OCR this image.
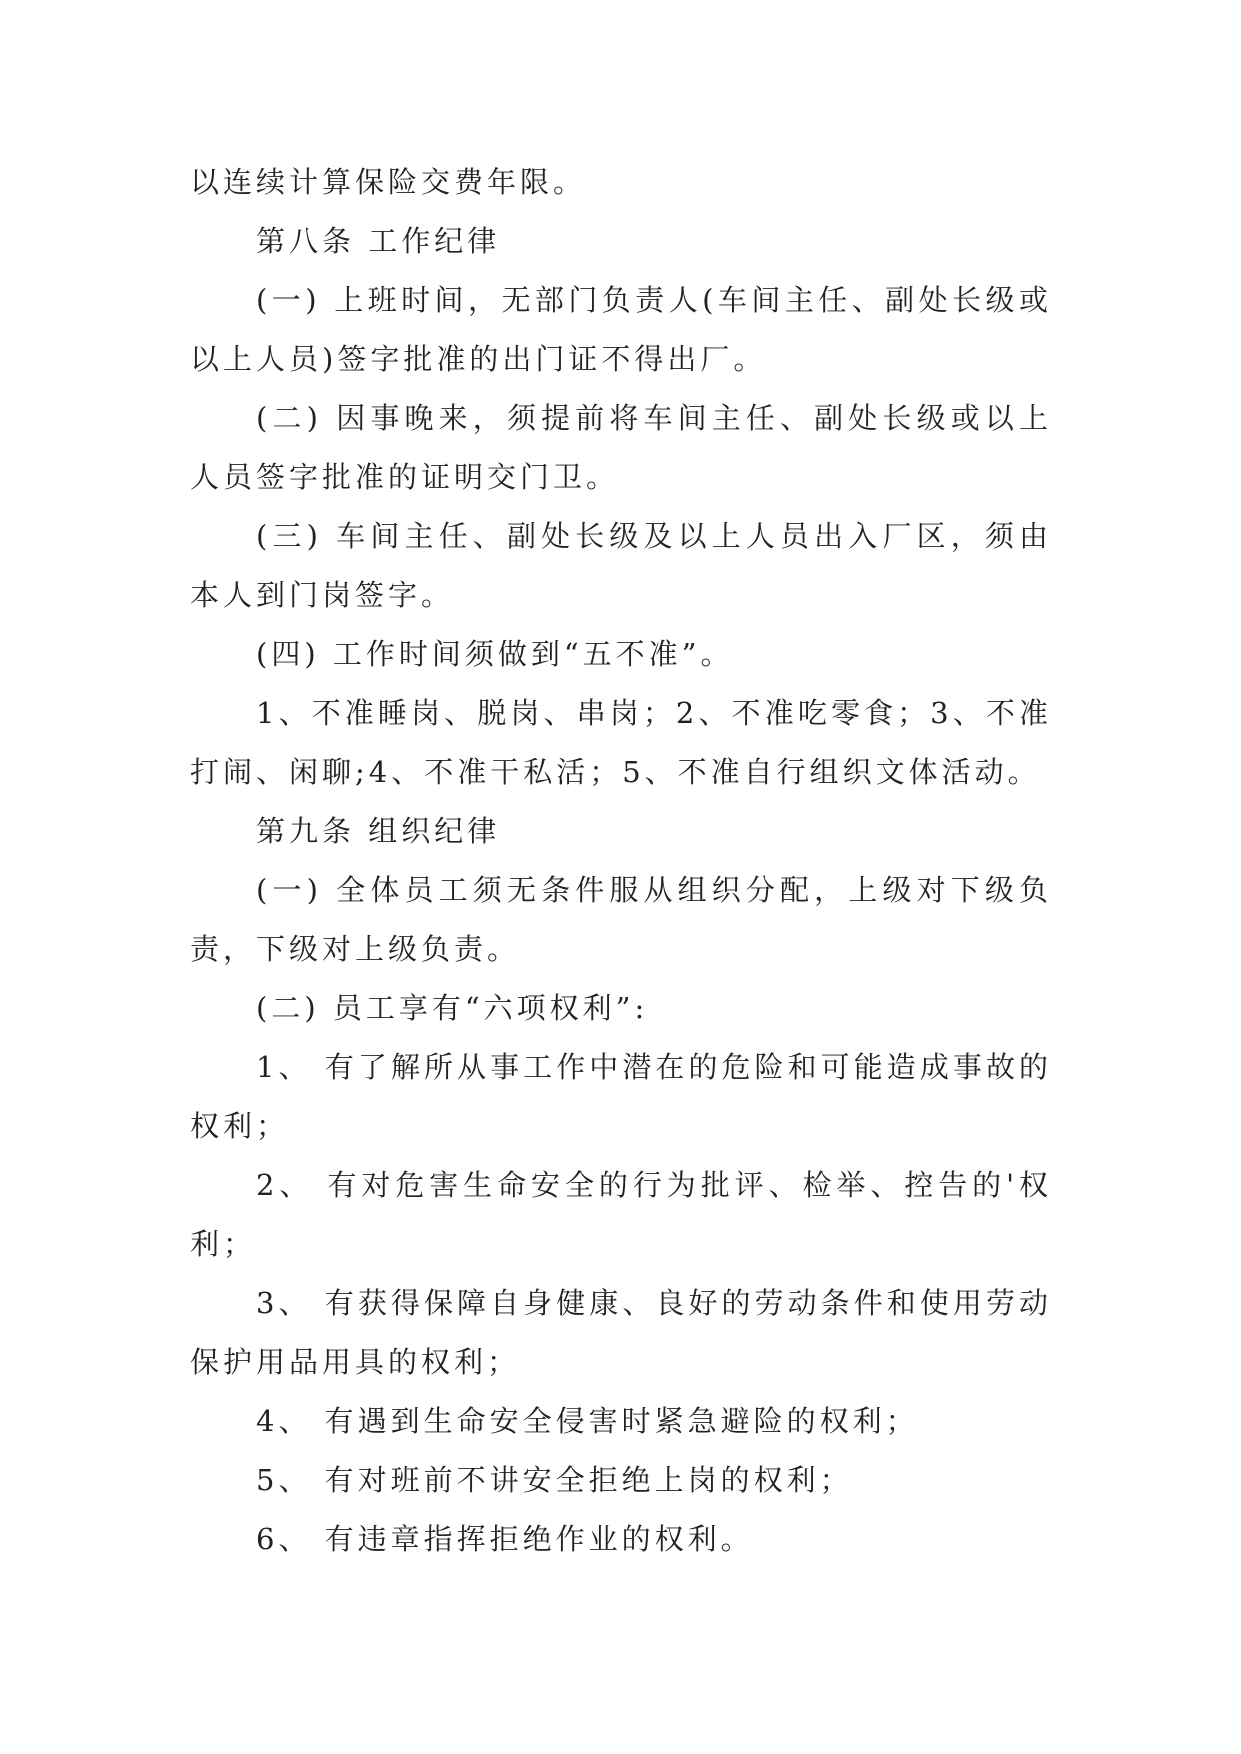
以连续计算保险交费年限。

第八条 工作纪律

(一) 上班时间，无部门负责人(车间主任、副处长级或以上人员)签字批准的出门证不得出厂。

(二) 因事晚来，须提前将车间主任、副处长级或以上人员签字批准的证明交门卫。

(三) 车间主任、副处长级及以上人员出入厂区，须由本人到门岗签字。

(四) 工作时间须做到“五不准”。

1、不准睡岗、脱岗、串岗；2、不准吃零食；3、不准打闹、闲聊;4、不准干私活；5、不准自行组织文体活动。

第九条 组织纪律

(一) 全体员工须无条件服从组织分配，上级对下级负责，下级对上级负责。

(二) 员工享有“六项权利”:

1、 有了解所从事工作中潜在的危险和可能造成事故的权利；

2、 有对危害生命安全的行为批评、检举、控告的'权利；

3、 有获得保障自身健康、良好的劳动条件和使用劳动保护用品用具的权利；

4、 有遇到生命安全侵害时紧急避险的权利；

5、 有对班前不讲安全拒绝上岗的权利；

6、 有违章指挥拒绝作业的权利。
